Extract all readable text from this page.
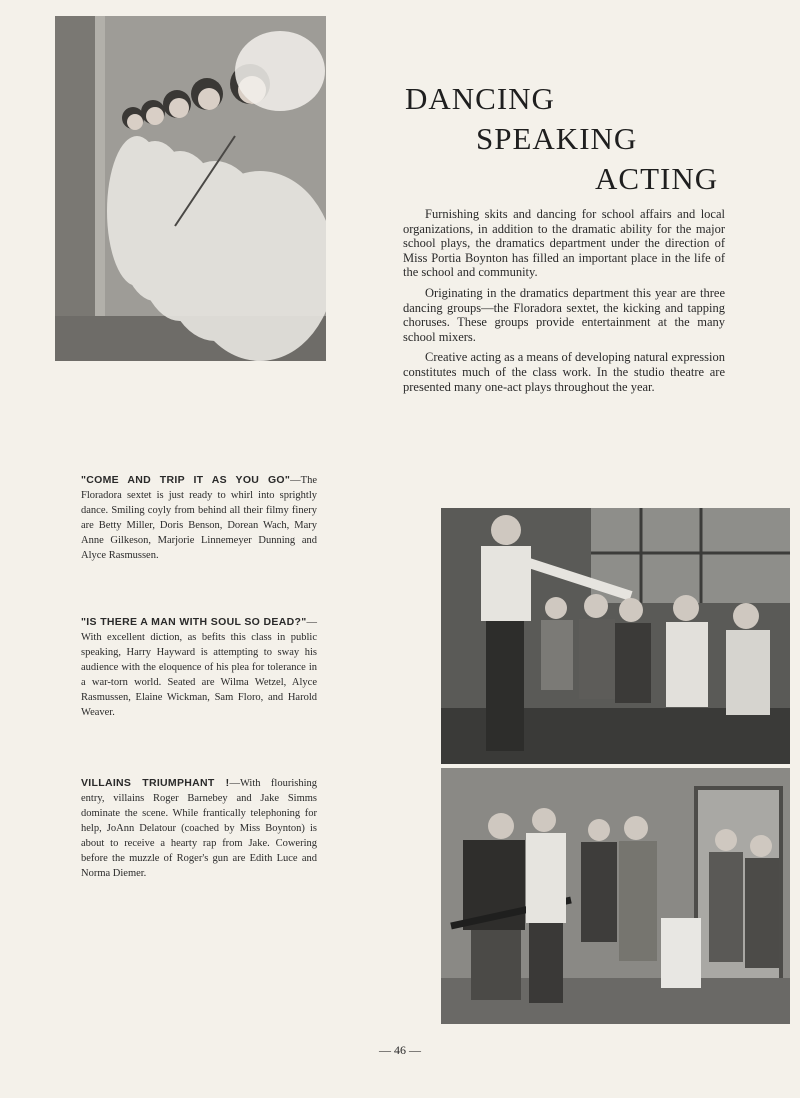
DANCING
SPEAKING
ACTING

Furnishing skits and dancing for school affairs and local organizations, in addition to the dramatic ability for the major school plays, the dramatics department under the direction of Miss Portia Boynton has filled an important place in the life of the school and community.

Originating in the dramatics department this year are three dancing groups—the Floradora sextet, the kicking and tapping choruses. These groups provide entertainment at the many school mixers.

Creative acting as a means of developing natural expression constitutes much of the class work. In the studio theatre are presented many one-act plays throughout the year.

"COME AND TRIP IT AS YOU GO"—The Floradora sextet is just ready to whirl into sprightly dance. Smiling coyly from behind all their filmy finery are Betty Miller, Doris Benson, Dorean Wach, Mary Anne Gilkeson, Marjorie Linnemeyer Dunning and Alyce Rasmussen.
"IS THERE A MAN WITH SOUL SO DEAD?"—With excellent diction, as befits this class in public speaking, Harry Hayward is attempting to sway his audience with the eloquence of his plea for tolerance in a war-torn world. Seated are Wilma Wetzel, Alyce Rasmussen, Elaine Wickman, Sam Floro, and Harold Weaver.
VILLAINS TRIUMPHANT !—With flourishing entry, villains Roger Barnebey and Jake Simms dominate the scene. While frantically telephoning for help, JoAnn Delatour (coached by Miss Boynton) is about to receive a hearty rap from Jake. Cowering before the muzzle of Roger's gun are Edith Luce and Norma Diemer.
— 46 —
